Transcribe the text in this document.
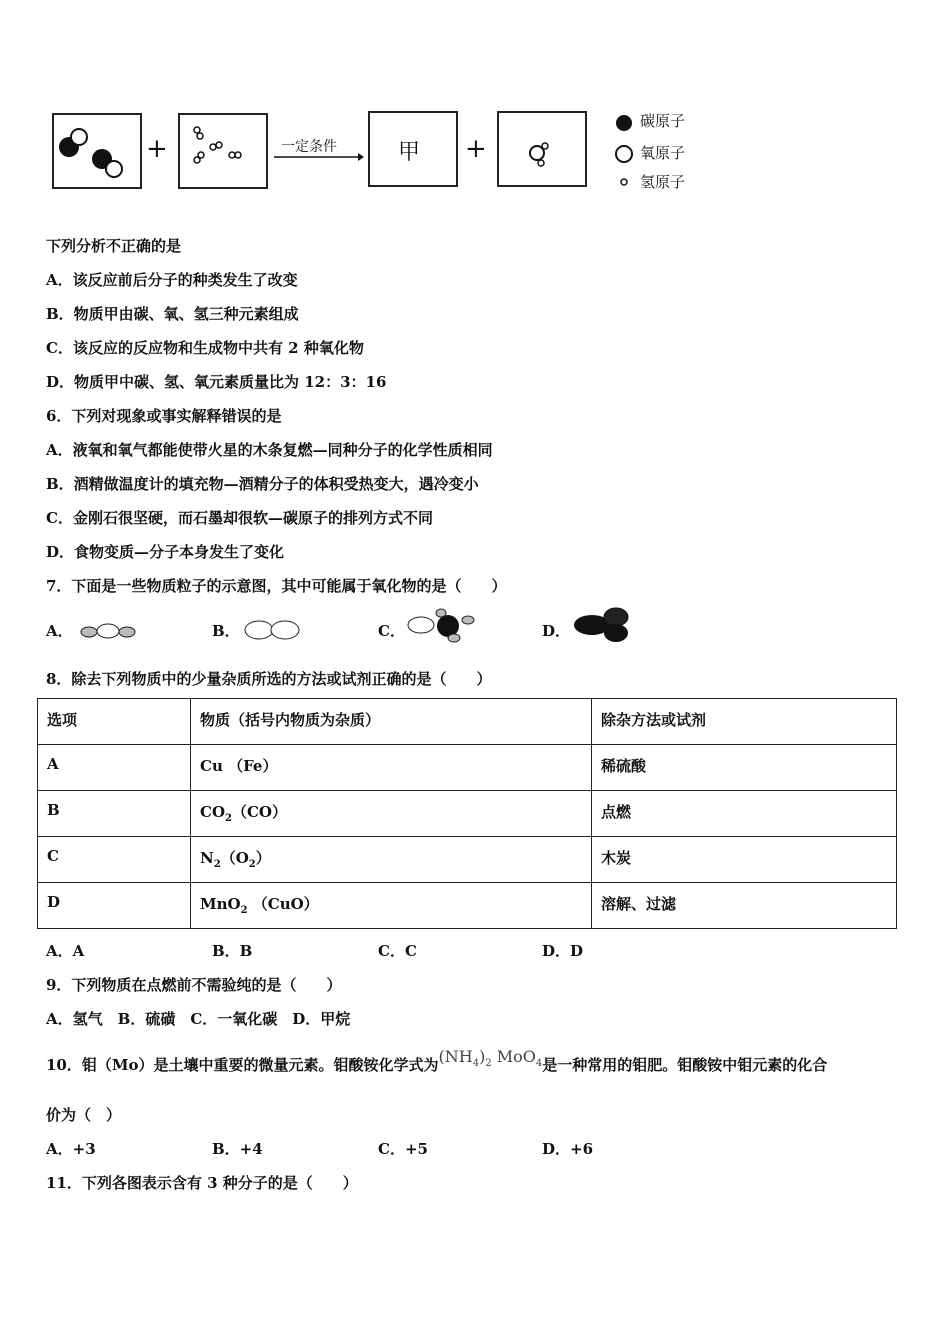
+	一定条件	甲 +
碳原子
氧原子
氢原子
下列分析不正确的是
A．该反应前后分子的种类发生了改变
B．物质甲由碳、氧、氢三种元素组成
C．该反应的反应物和生成物中共有 2 种氧化物
D．物质甲中碳、氢、氧元素质量比为 12：3：16
6．下列对现象或事实解释错误的是
A．液氧和氧气都能使带火星的木条复燃—同种分子的化学性质相同
B．酒精做温度计的填充物—酒精分子的体积受热变大，遇冷变小
C．金刚石很坚硬，而石墨却很软—碳原子的排列方式不同
D．食物变质—分子本身发生了变化
7．下面是一些物质粒子的示意图，其中可能属于氧化物的是（　　）
A．	B．	C．	D．
8．除去下列物质中的少量杂质所选的方法或试剂正确的是（　　）
选项	物质（括号内物质为杂质）	除杂方法或试剂
A	Cu （Fe）	稀硫酸
B	$CO_2(CO)$	点燃
C	$N_2(O_2)$	木炭
D	MnO$_2$ （CuO）	溶解、过滤
A．A	B．B	C．C	D．D
9．下列物质在点燃前不需验纯的是（　　）
A．氢气　B．硫磺　C．一氧化碳　D．甲烷
10．钼（Mo）是土壤中重要的微量元素。钼酸铵化学式为$(NH_4)_2$ MoO$_4$是一种常用的钼肥。钼酸铵中钼元素的化合
价为（　）
A．+3	B．+4	C．+5	D．+6
11．下列各图表示含有 3 种分子的是（　　）
